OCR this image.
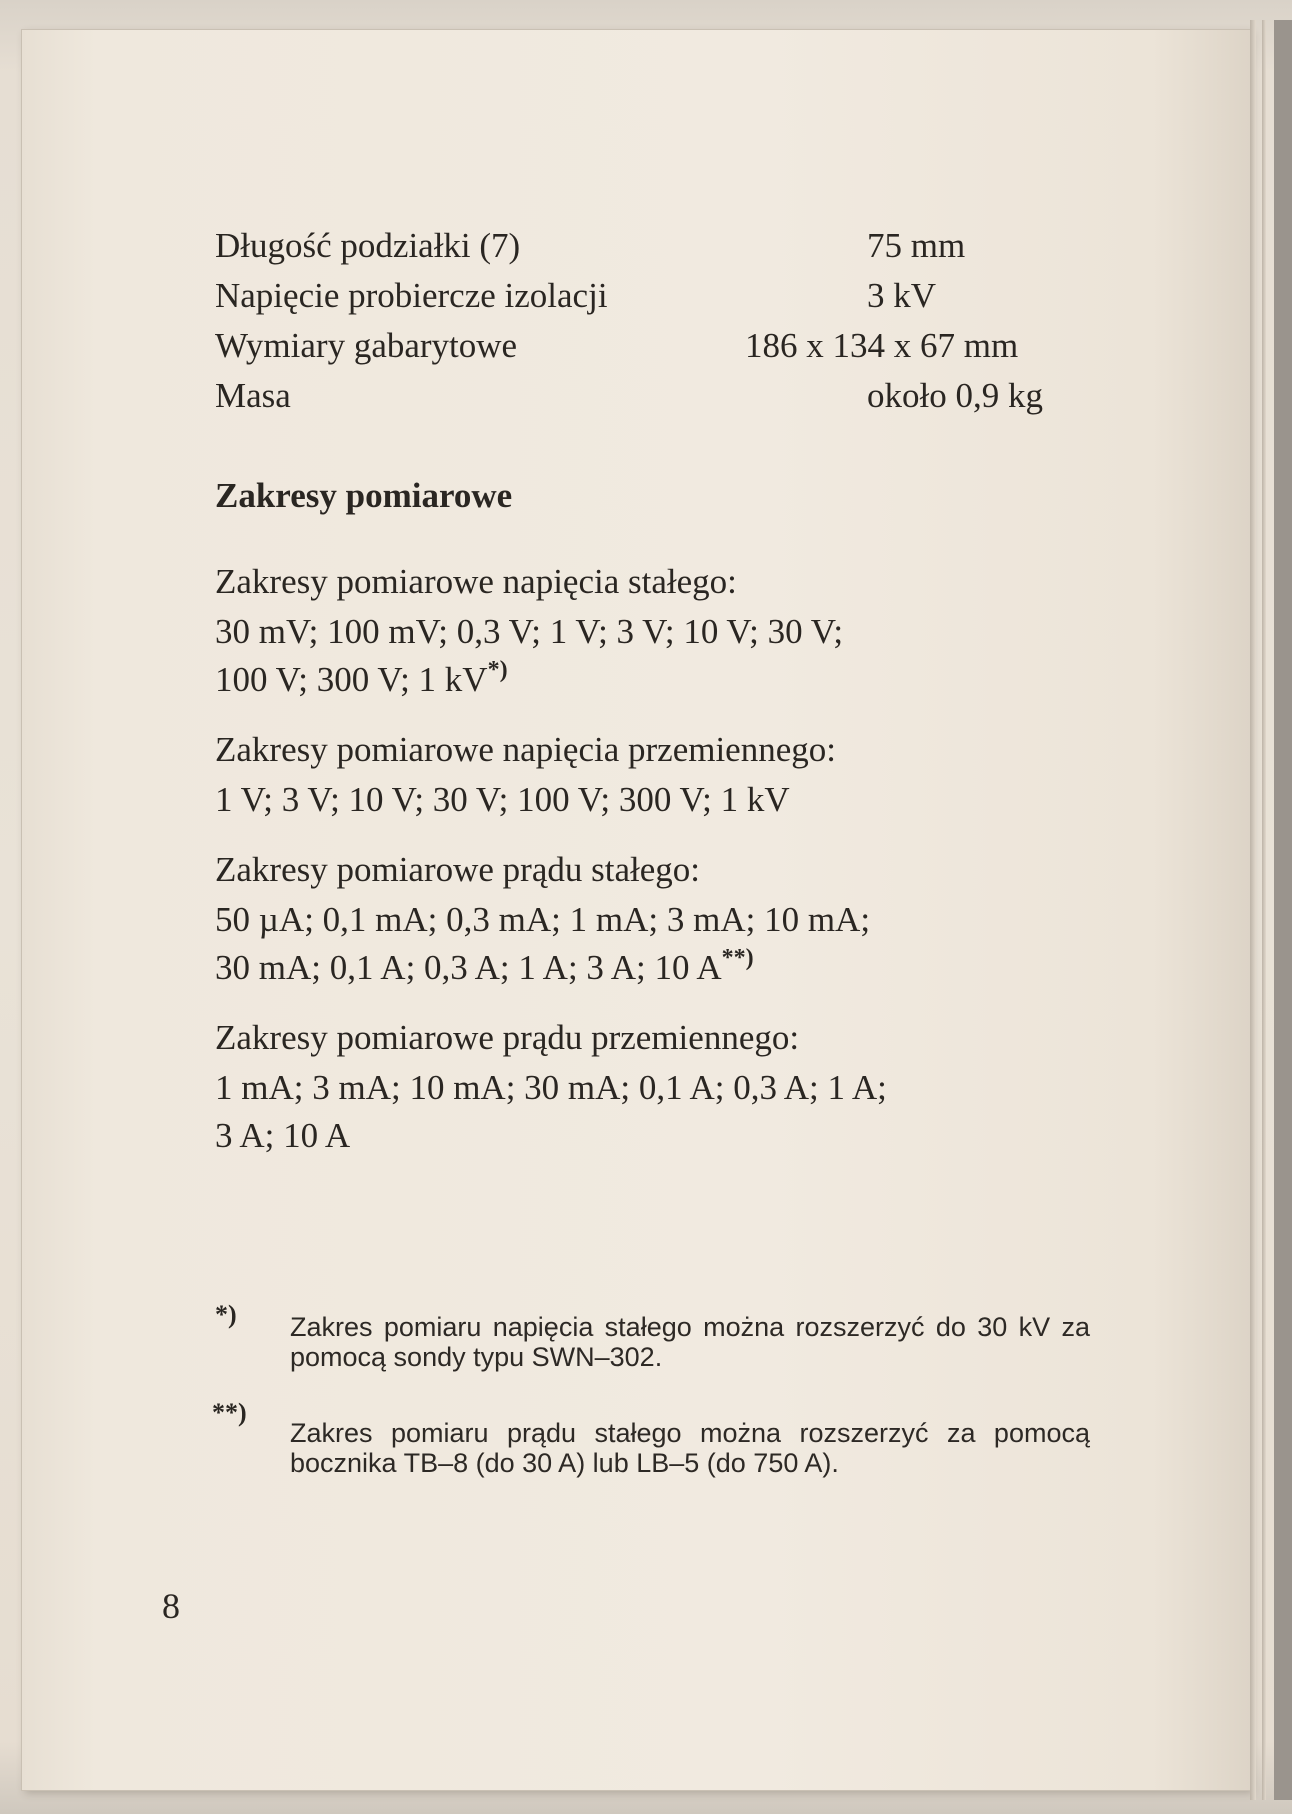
Długość podziałki (7)	75 mm
Napięcie probiercze izolacji	3 kV
Wymiary gabarytowe	186 x 134 x 67 mm
Masa	około 0,9 kg
Zakresy pomiarowe
Zakresy pomiarowe napięcia stałego:
30 mV; 100 mV; 0,3 V; 1 V; 3 V; 10 V; 30 V;
100 V; 300 V; 1 kV*)
Zakresy pomiarowe napięcia przemiennego:
1 V; 3 V; 10 V; 30 V; 100 V; 300 V; 1 kV
Zakresy pomiarowe prądu stałego:
50 µA; 0,1 mA; 0,3 mA; 1 mA; 3 mA; 10 mA;
30 mA; 0,1 A; 0,3 A; 1 A; 3 A; 10 A**)
Zakresy pomiarowe prądu przemiennego:
1 mA; 3 mA; 10 mA; 30 mA; 0,1 A; 0,3 A; 1 A;
3 A; 10 A
*) Zakres pomiaru napięcia stałego można rozszerzyć do 30 kV za pomocą sondy typu SWN–302.
**)
Zakres pomiaru prądu stałego można rozszerzyć za pomocą bocznika TB–8 (do 30 A) lub LB–5 (do 750 A).
8
